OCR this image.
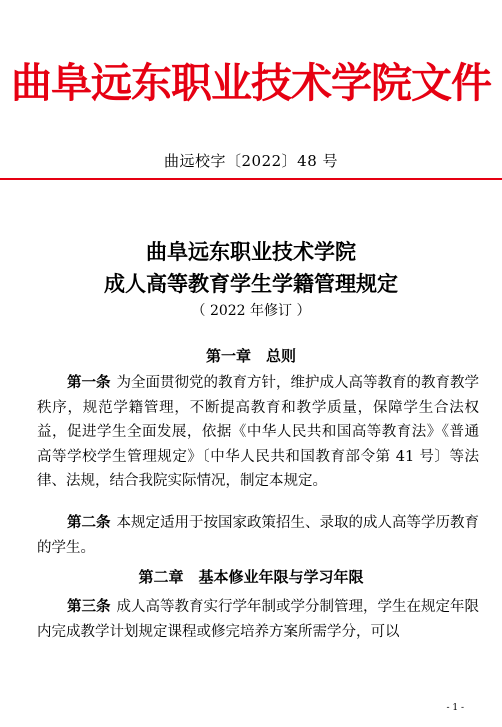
曲阜远东职业技术学院文件
曲远校字〔2022〕48 号
曲阜远东职业技术学院
成人高等教育学生学籍管理规定
（ 2022 年修订 ）
第一章　总则
第一条 为全面贯彻党的教育方针，维护成人高等教育的教育教学秩序，规范学籍管理，不断提高教育和教学质量，保障学生合法权益，促进学生全面发展，依据《中华人民共和国高等教育法》《普通高等学校学生管理规定》〔中华人民共和国教育部令第 41 号〕等法律、法规，结合我院实际情况，制定本规定。
第二条 本规定适用于按国家政策招生、录取的成人高等学历教育的学生。
第二章　基本修业年限与学习年限
第三条 成人高等教育实行学年制或学分制管理，学生在规定年限内完成教学计划规定课程或修完培养方案所需学分，可以
- 1 -
